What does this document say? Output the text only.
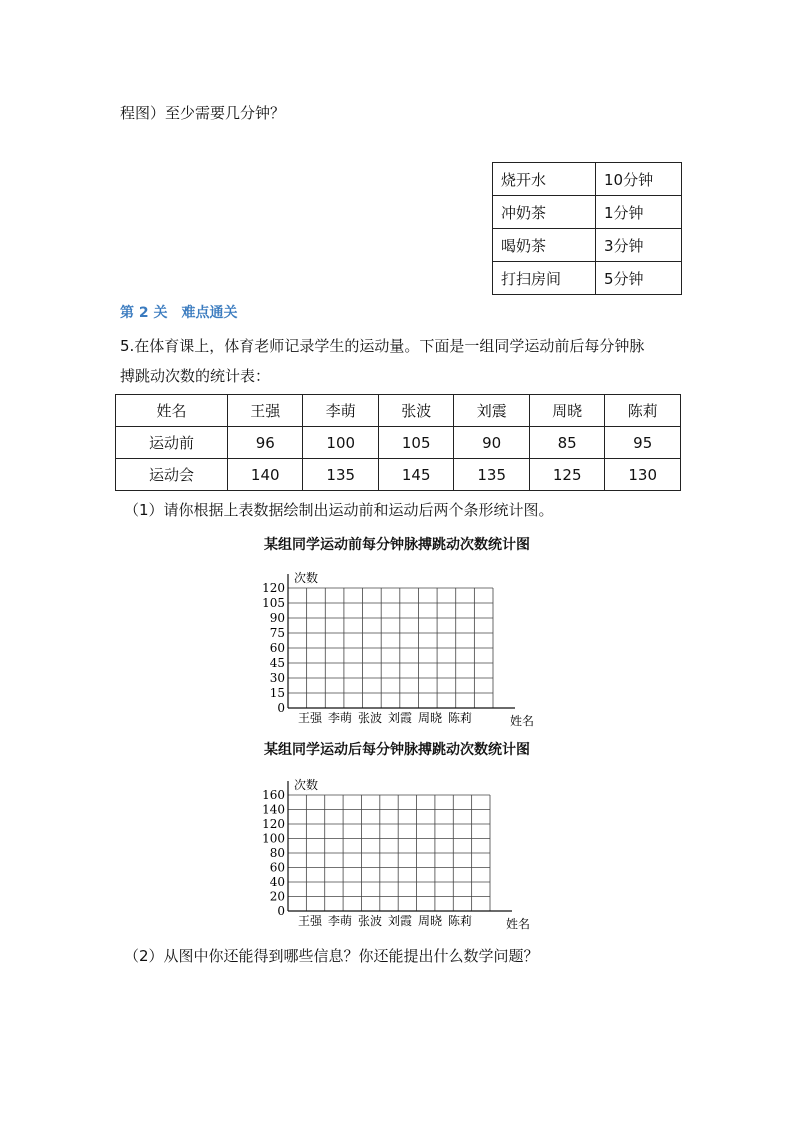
程图）至少需要几分钟？
烧开水	10分钟
冲奶茶	1分钟
喝奶茶	3分钟
打扫房间	5分钟
第 2 关　难点通关
5.在体育课上，体育老师记录学生的运动量。下面是一组同学运动前后每分钟脉
搏跳动次数的统计表：
姓名	王强	李萌	张波	刘震	周晓	陈莉
运动前	96	100	105	90	85	95
运动会	140	135	145	135	125	130
（1）请你根据上表数据绘制出运动前和运动后两个条形统计图。
某组同学运动前每分钟脉搏跳动次数统计图
0
15
30
45
60
75
90
105
120
次数
王强 李萌 张波 刘霞 周晓 陈莉	姓名
某组同学运动后每分钟脉搏跳动次数统计图
0
20
40
60
80
100
120
140
160
次数
王强 李萌 张波 刘霞 周晓 陈莉	姓名
（2）从图中你还能得到哪些信息？你还能提出什么数学问题？
